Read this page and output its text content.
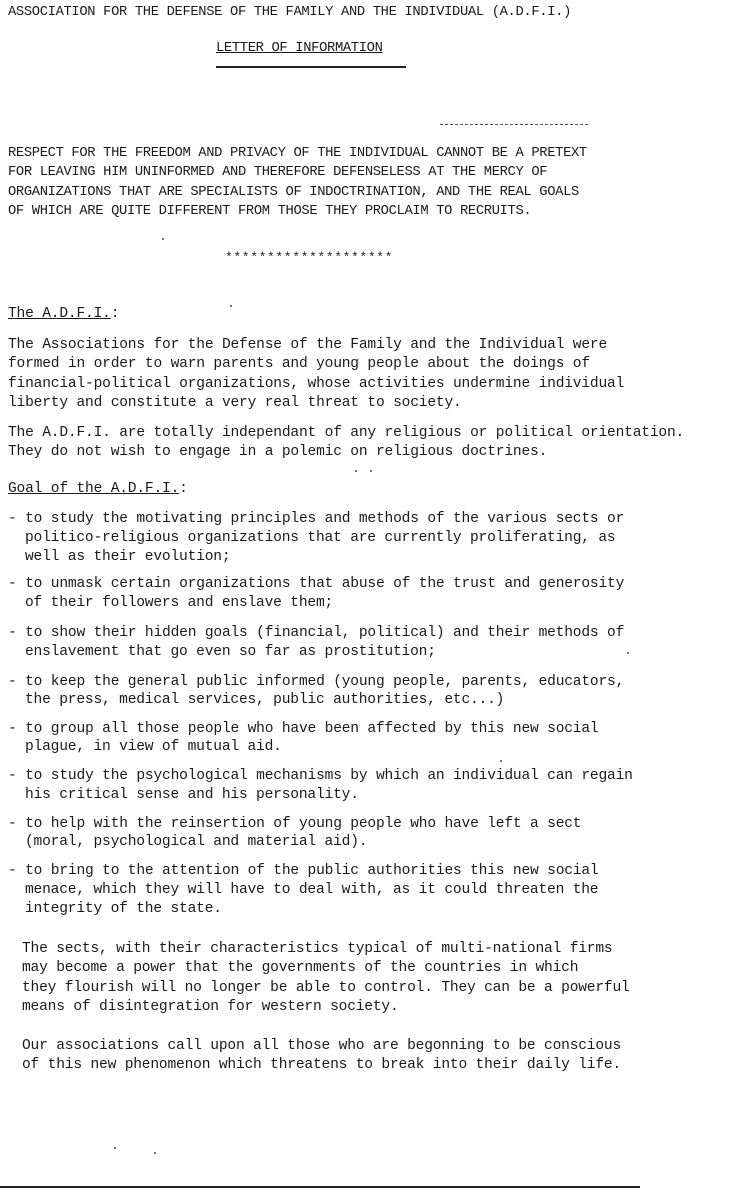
ASSOCIATION FOR THE DEFENSE OF THE FAMILY AND THE INDIVIDUAL (A.D.F.I.)

LETTER OF INFORMATION

RESPECT FOR THE FREEDOM AND PRIVACY OF THE INDIVIDUAL CANNOT BE A PRETEXT

FOR LEAVING HIM UNINFORMED AND THEREFORE DEFENSELESS AT THE MERCY OF

ORGANIZATIONS THAT ARE SPECIALISTS OF INDOCTRINATION, AND THE REAL GOALS

OF WHICH ARE QUITE DIFFERENT FROM THOSE THEY PROCLAIM TO RECRUITS.

********************

The A.D.F.I.:

The Associations for the Defense of the Family and the Individual were

formed in order to warn parents and young people about the doings of

financial-political organizations, whose activities undermine individual

liberty and constitute a very real threat to society.

The A.D.F.I. are totally independant of any religious or political orientation.

They do not wish to engage in a polemic on religious doctrines.

Goal of the A.D.F.I.:

- to study the motivating principles and methods of the various sects or

politico-religious organizations that are currently proliferating, as

well as their evolution;

- to unmask certain organizations that abuse of the trust and generosity

of their followers and enslave them;

- to show their hidden goals (financial, political) and their methods of

enslavement that go even so far as prostitution;

- to keep the general public informed (young people, parents, educators,

the press, medical services, public authorities, etc...)

- to group all those people who have been affected by this new social

plague, in view of mutual aid.

- to study the psychological mechanisms by which an individual can regain

his critical sense and his personality.

- to help with the reinsertion of young people who have left a sect

(moral, psychological and material aid).

- to bring to the attention of the public authorities this new social

menace, which they will have to deal with, as it could threaten the

integrity of the state.

The sects, with their characteristics typical of multi-national firms

may become a power that the governments of the countries in which

they flourish will no longer be able to control. They can be a powerful

means of disintegration for western society.

Our associations call upon all those who are begonning to be conscious

of this new phenomenon which threatens to break into their daily life.
